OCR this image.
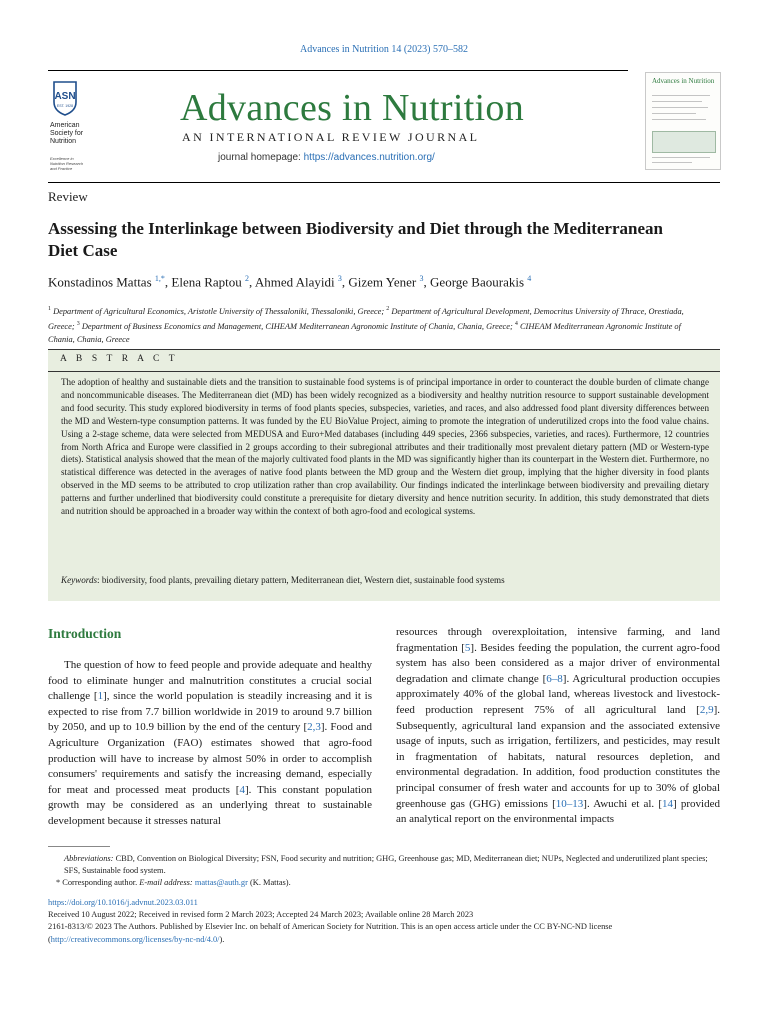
Advances in Nutrition 14 (2023) 570–582
ASN
EST. 1928
American
Society for
Nutrition
Excellence in
Nutrition Research
and Practice
Advances in Nutrition
AN INTERNATIONAL REVIEW JOURNAL
journal homepage: https://advances.nutrition.org/
Advances in Nutrition
Review
Assessing the Interlinkage between Biodiversity and Diet through the Mediterranean Diet Case
Konstadinos Mattas $^{1,*}$, Elena Raptou $^2$, Ahmed Alayidi $^3$, Gizem Yener $^3$, George Baourakis $^4$
$^1$ Department of Agricultural Economics, Aristotle University of Thessaloniki, Thessaloniki, Greece; $^2$ Department of Agricultural Development, Democritus University of Thrace, Orestiada, Greece; $^3$ Department of Business Economics and Management, CIHEAM Mediterranean Agronomic Institute of Chania, Chania, Greece; $^4$ CIHEAM Mediterranean Agronomic Institute of Chania, Chania, Greece
A B S T R A C T
The adoption of healthy and sustainable diets and the transition to sustainable food systems is of principal importance in order to counteract the double burden of climate change and noncommunicable diseases. The Mediterranean diet (MD) has been widely recognized as a biodiversity and healthy nutrition resource to support sustainable development and food security. This study explored biodiversity in terms of food plants species, subspecies, varieties, and races, and also addressed food plant diversity differences between the MD and Western-type consumption patterns. It was funded by the EU BioValue Project, aiming to promote the integration of underutilized crops into the food value chains. Using a 2-stage scheme, data were selected from MEDUSA and Euro+Med databases (including 449 species, 2366 subspecies, varieties, and races). Furthermore, 12 countries from North Africa and Europe were classified in 2 groups according to their subregional attributes and their traditionally most prevalent dietary pattern (MD or Western-type diets). Statistical analysis showed that the mean of the majorly cultivated food plants in the MD was significantly higher than its counterpart in the Western diet. Furthermore, no statistical difference was detected in the averages of native food plants between the MD group and the Western diet group, implying that the higher diversity in food plants observed in the MD seems to be attributed to crop utilization rather than crop availability. Our findings indicated the interlinkage between biodiversity and prevailing dietary patterns and further underlined that biodiversity could constitute a prerequisite for dietary diversity and hence nutrition security. In addition, this study demonstrated that diets and nutrition should be approached in a broader way within the context of both agro-food and ecological systems.
Keywords: biodiversity, food plants, prevailing dietary pattern, Mediterranean diet, Western diet, sustainable food systems
Introduction
The question of how to feed people and provide adequate and healthy food to eliminate hunger and malnutrition constitutes a crucial social challenge [1], since the world population is steadily increasing and it is expected to rise from 7.7 billion worldwide in 2019 to around 9.7 billion by 2050, and up to 10.9 billion by the end of the century [2,3]. Food and Agriculture Organization (FAO) estimates showed that agro-food production will have to increase by almost 50% in order to accomplish consumers' requirements and satisfy the increasing demand, especially for meat and processed meat products [4]. This constant population growth may be considered as an underlying threat to sustainable development because it stresses natural
resources through overexploitation, intensive farming, and land fragmentation [5]. Besides feeding the population, the current agro-food system has also been considered as a major driver of environmental degradation and climate change [6–8]. Agricultural production occupies approximately 40% of the global land, whereas livestock and livestock-feed production represent 75% of all agricultural land [2,9]. Subsequently, agricultural land expansion and the associated extensive usage of inputs, such as irrigation, fertilizers, and pesticides, may result in fragmentation of habitats, natural resources depletion, and environmental degradation. In addition, food production constitutes the principal consumer of fresh water and accounts for up to 30% of global greenhouse gas (GHG) emissions [10–13]. Awuchi et al. [14] provided an analytical report on the environmental impacts
Abbreviations: CBD, Convention on Biological Diversity; FSN, Food security and nutrition; GHG, Greenhouse gas; MD, Mediterranean diet; NUPs, Neglected and underutilized plant species; SFS, Sustainable food system.
* Corresponding author. E-mail address: mattas@auth.gr (K. Mattas).
https://doi.org/10.1016/j.advnut.2023.03.011
Received 10 August 2022; Received in revised form 2 March 2023; Accepted 24 March 2023; Available online 28 March 2023
2161-8313/© 2023 The Authors. Published by Elsevier Inc. on behalf of American Society for Nutrition. This is an open access article under the CC BY-NC-ND license (http://creativecommons.org/licenses/by-nc-nd/4.0/).
